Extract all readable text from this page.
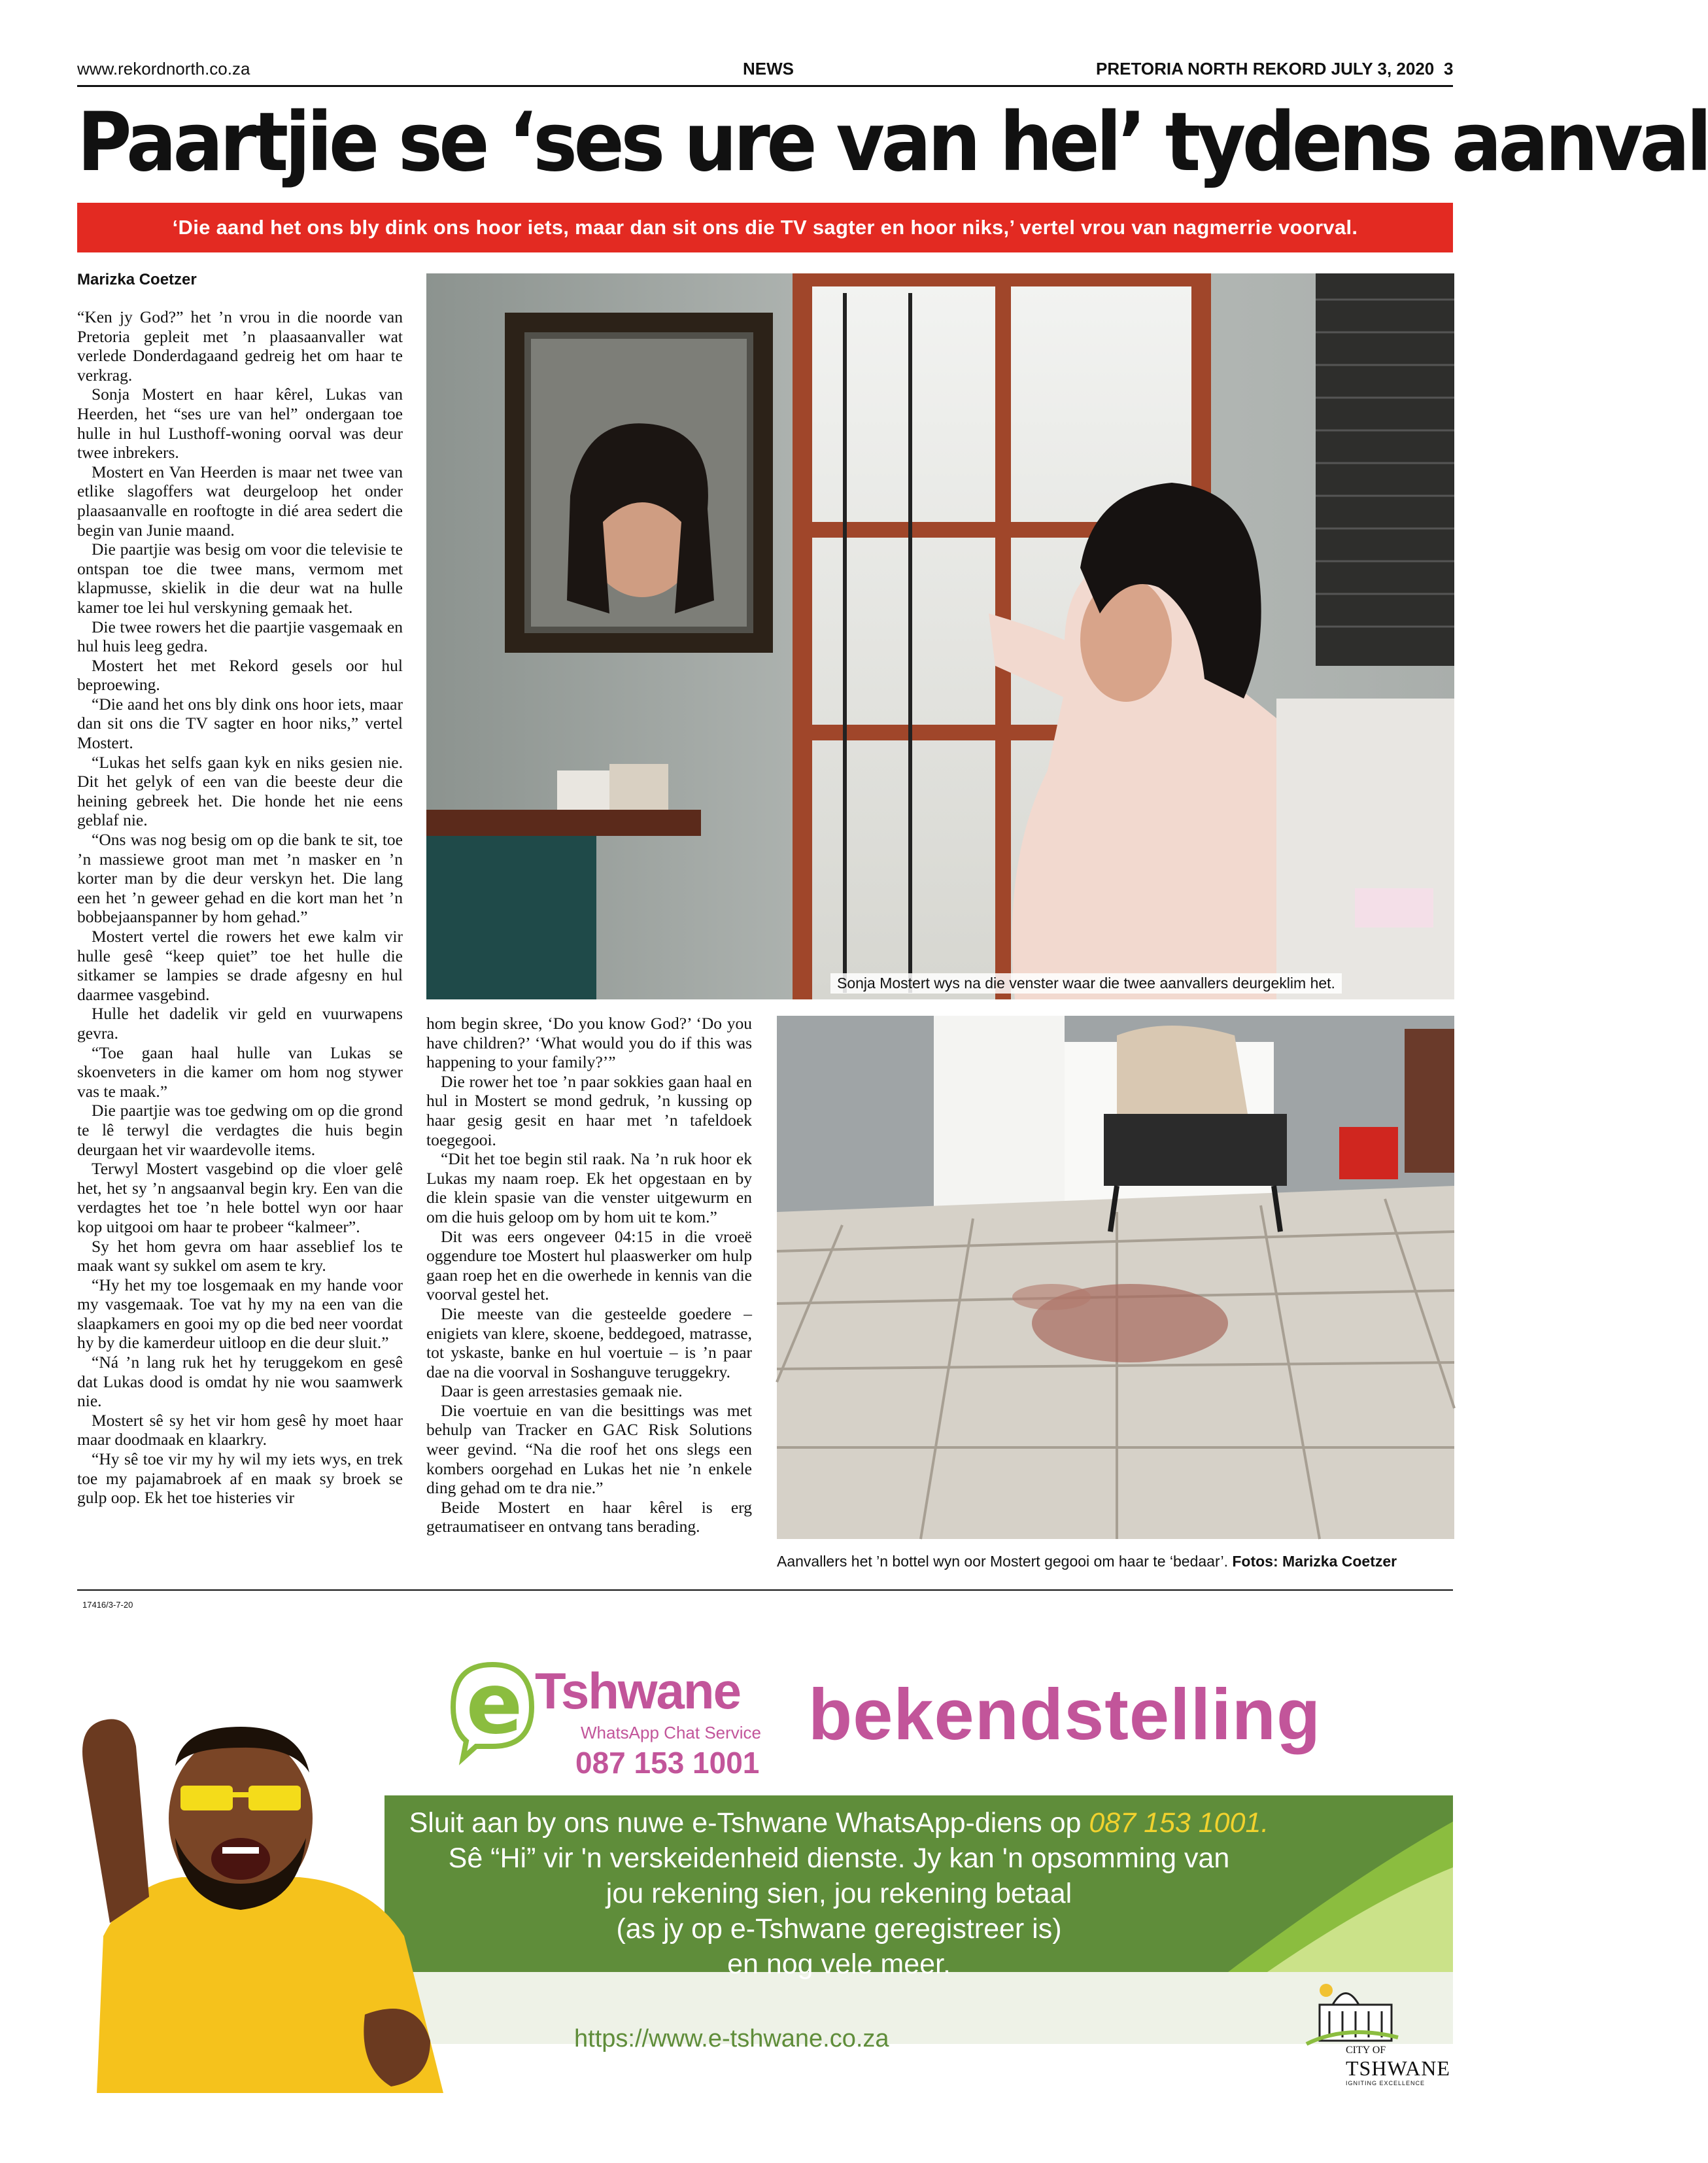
www.rekordnorth.co.za	NEWS	PRETORIA NORTH REKORD JULY 3, 2020 3
Paartjie se ‘ses ure van hel’ tydens aanval
‘Die aand het ons bly dink ons hoor iets, maar dan sit ons die TV sagter en hoor niks,’ vertel vrou van nagmerrie voorval.
Marizka Coetzer

“Ken jy God?” het ’n vrou in die noorde van Pretoria gepleit met ’n plaasaanvaller wat verlede Donderdagaand gedreig het om haar te verkrag.

Sonja Mostert en haar kêrel, Lukas van Heerden, het “ses ure van hel” ondergaan toe hulle in hul Lusthoff-woning oorval was deur twee inbrekers.

Mostert en Van Heerden is maar net twee van etlike slagoffers wat deurgeloop het onder plaasaanvalle en rooftogte in dié area sedert die begin van Junie maand.

Die paartjie was besig om voor die televisie te ontspan toe die twee mans, vermom met klapmusse, skielik in die deur wat na hulle kamer toe lei hul verskyning gemaak het.

Die twee rowers het die paartjie vasgemaak en hul huis leeg gedra.

Mostert het met Rekord gesels oor hul beproewing.

“Die aand het ons bly dink ons hoor iets, maar dan sit ons die TV sagter en hoor niks,” vertel Mostert.

“Lukas het selfs gaan kyk en niks gesien nie. Dit het gelyk of een van die beeste deur die heining gebreek het. Die honde het nie eens geblaf nie.

“Ons was nog besig om op die bank te sit, toe ’n massiewe groot man met ’n masker en ’n korter man by die deur verskyn het. Die lang een het ’n geweer gehad en die kort man het ’n bobbejaanspanner by hom gehad.”

Mostert vertel die rowers het ewe kalm vir hulle gesê “keep quiet” toe het hulle die sitkamer se lampies se drade afgesny en hul daarmee vasgebind.

Hulle het dadelik vir geld en vuurwapens gevra.

“Toe gaan haal hulle van Lukas se skoenveters in die kamer om hom nog stywer vas te maak.”

Die paartjie was toe gedwing om op die grond te lê terwyl die verdagtes die huis begin deurgaan het vir waardevolle items.

Terwyl Mostert vasgebind op die vloer gelê het, het sy ’n angsaanval begin kry. Een van die verdagtes het toe ’n hele bottel wyn oor haar kop uitgooi om haar te probeer “kalmeer”.

Sy het hom gevra om haar asseblief los te maak want sy sukkel om asem te kry.

“Hy het my toe losgemaak en my hande voor my vasgemaak. Toe vat hy my na een van die slaapkamers en gooi my op die bed neer voordat hy by die kamerdeur uitloop en die deur sluit.”

“Ná ’n lang ruk het hy teruggekom en gesê dat Lukas dood is omdat hy nie wou saamwerk nie.

Mostert sê sy het vir hom gesê hy moet haar maar doodmaak en klaarkry.

“Hy sê toe vir my hy wil my iets wys, en trek toe my pajamabroek af en maak sy broek se gulp oop. Ek het toe histeries vir

Sonja Mostert wys na die venster waar die twee aanvallers deurgeklim het.

hom begin skree, ‘Do you know God?’ ‘Do you have children?’ ‘What would you do if this was happening to your family?’”

Die rower het toe ’n paar sokkies gaan haal en hul in Mostert se mond gedruk, ’n kussing op haar gesig gesit en haar met ’n tafeldoek toegegooi.

“Dit het toe begin stil raak. Na ’n ruk hoor ek Lukas my naam roep. Ek het opgestaan en by die klein spasie van die venster uitgewurm en om die huis geloop om by hom uit te kom.”

Dit was eers ongeveer 04:15 in die vroeë oggendure toe Mostert hul plaaswerker om hulp gaan roep het en die owerhede in kennis van die voorval gestel het.

Die meeste van die gesteelde goedere – enigiets van klere, skoene, beddegoed, matrasse, tot yskaste, banke en hul voertuie – is ’n paar dae na die voorval in Soshanguve teruggekry.

Daar is geen arrestasies gemaak nie.

Die voertuie en van die besittings was met behulp van Tracker en GAC Risk Solutions weer gevind. “Na die roof het ons slegs een kombers oorgehad en Lukas het nie ’n enkele ding gehad om te dra nie.”

Beide Mostert en haar kêrel is erg getraumatiseer en ontvang tans berading.

Aanvallers het ’n bottel wyn oor Mostert gegooi om haar te ‘bedaar’. Fotos: Marizka Coetzer
17416/3-7-20
e Tshwane
WhatsApp Chat Service
087 153 1001
bekendstelling
Sluit aan by ons nuwe e-Tshwane WhatsApp-diens op 087 153 1001.
Sê “Hi” vir 'n verskeidenheid dienste. Jy kan 'n opsomming van
jou rekening sien, jou rekening betaal
(as jy op e-Tshwane geregistreer is)
en nog vele meer.
https://www.e-tshwane.co.za	CITY OF
TSHWANE
IGNITING EXCELLENCE
